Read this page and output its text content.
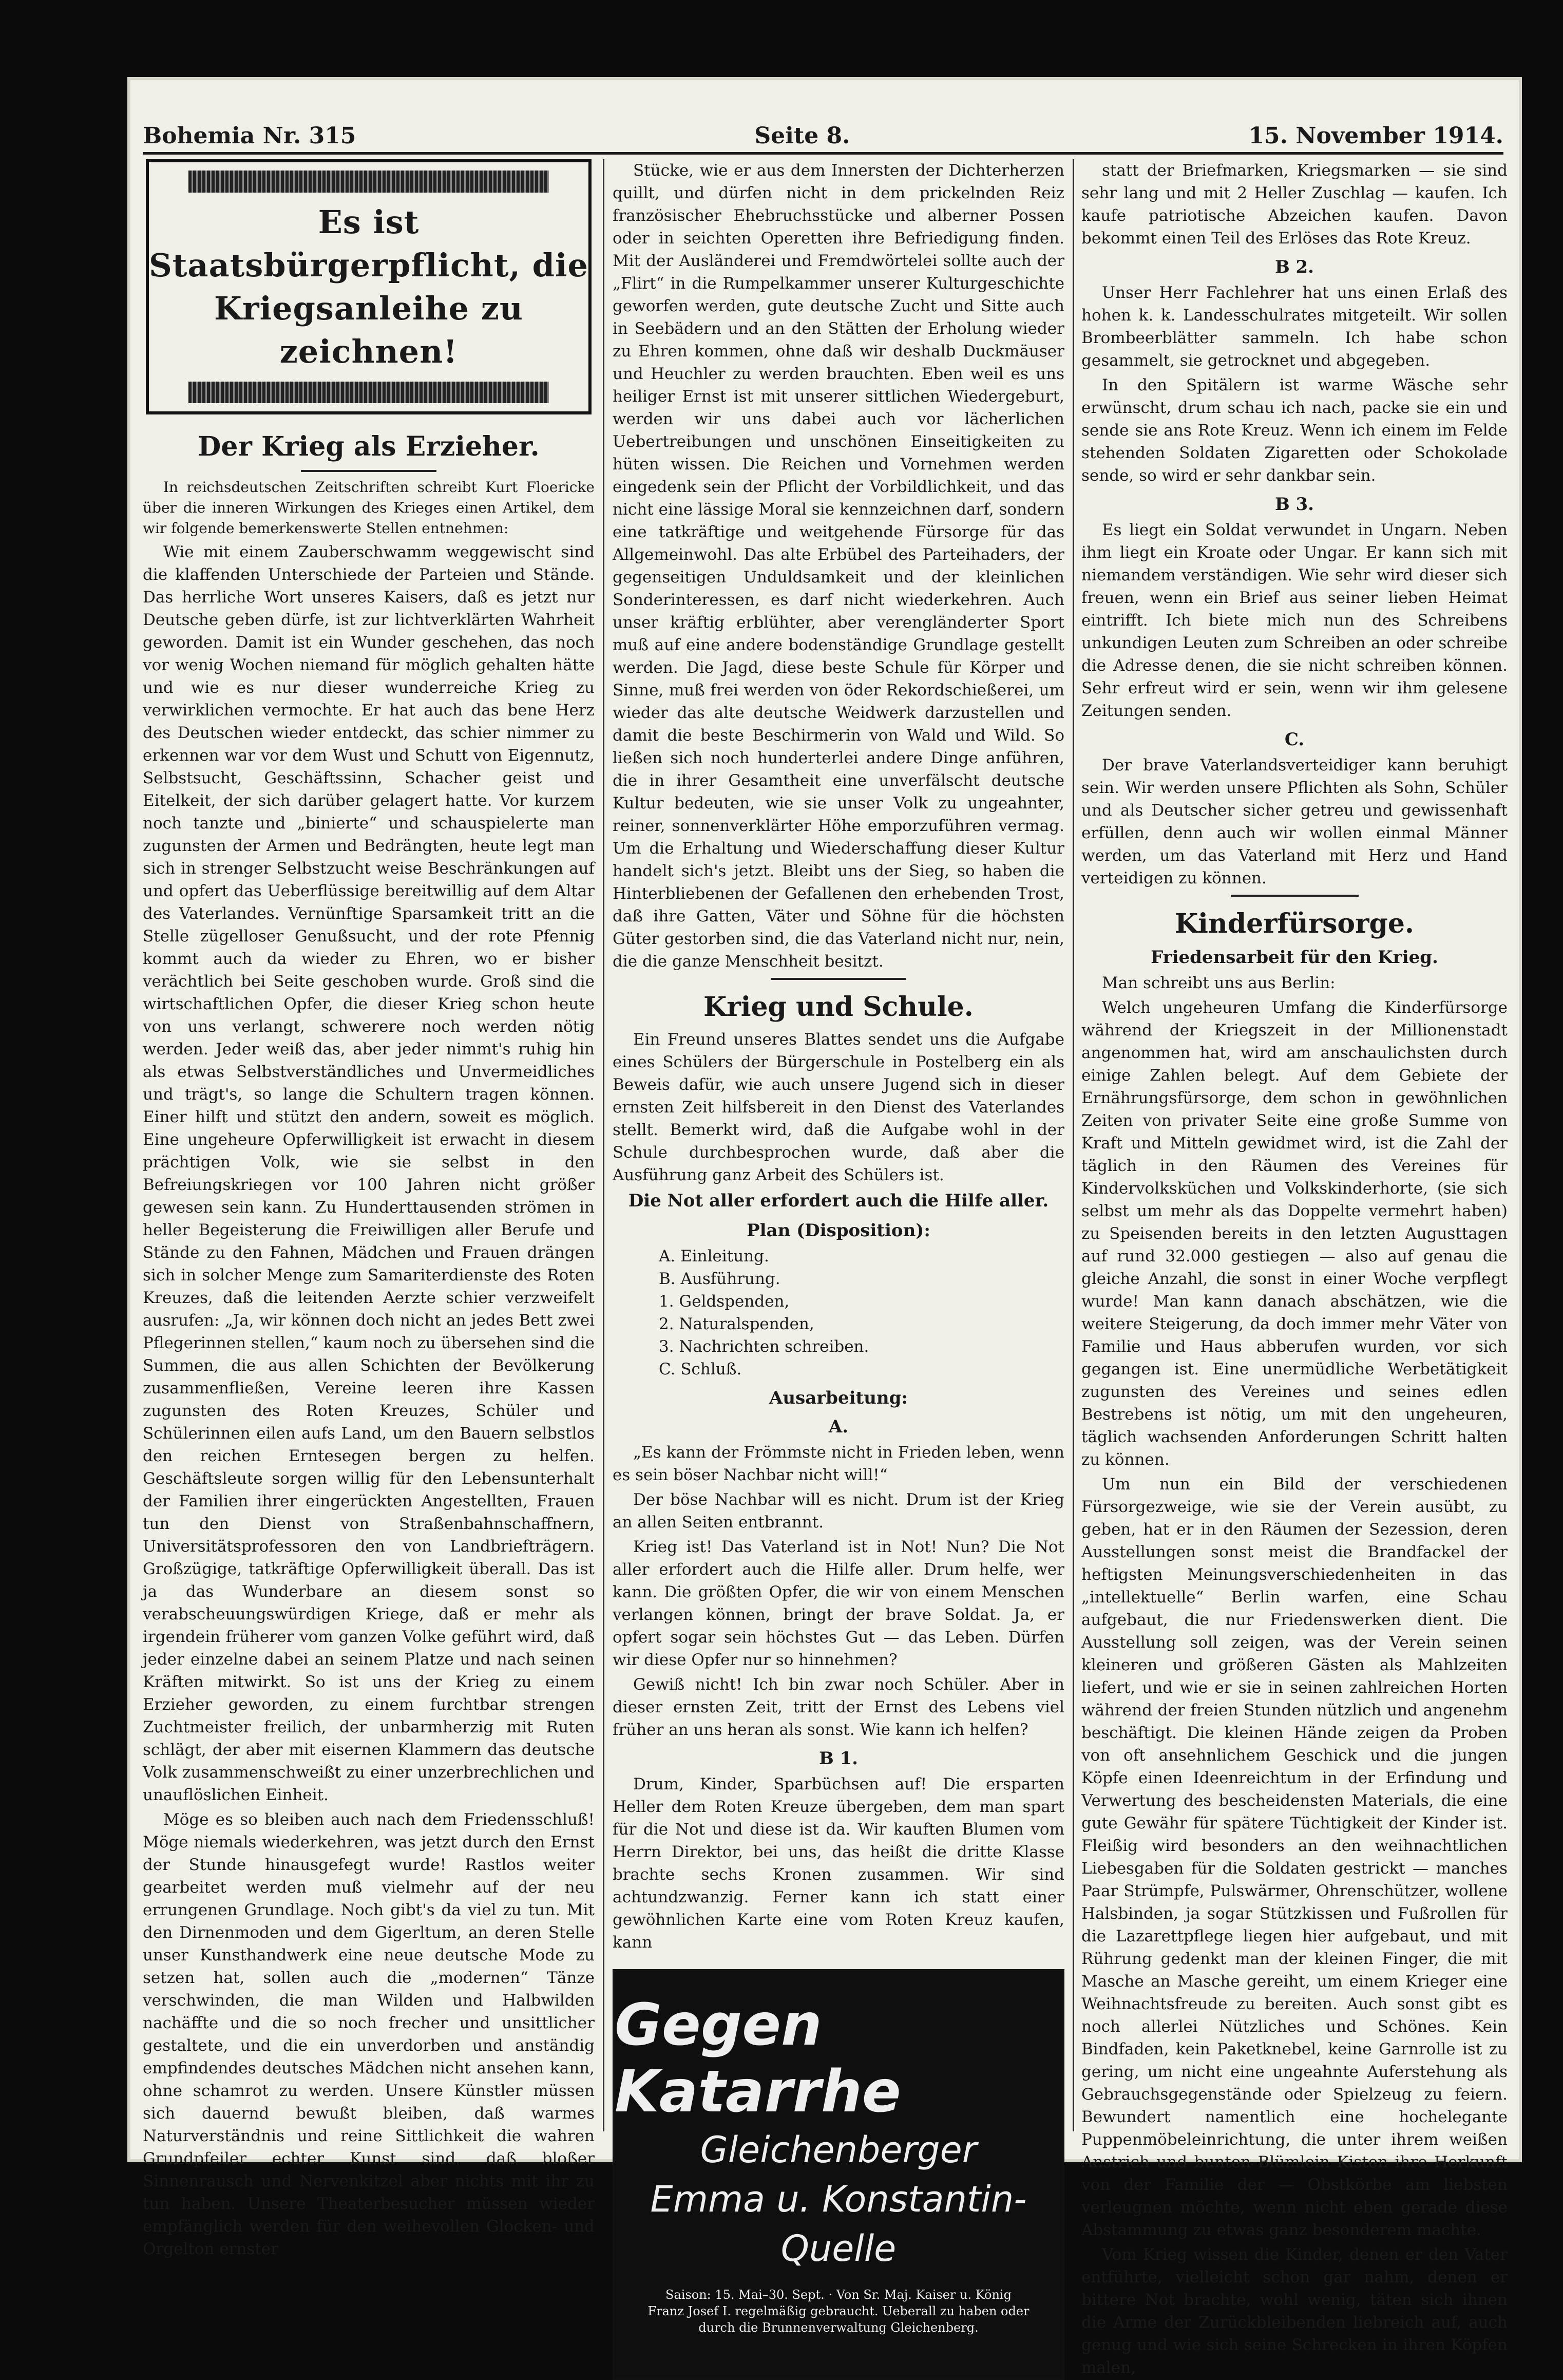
Bohemia Nr. 315	Seite 8.	15. November 1914.
Es ist Staatsbürgerpflicht, die Kriegsanleihe zu zeichnen!
Der Krieg als Erzieher.

In reichsdeutschen Zeitschriften schreibt Kurt Floericke über die inneren Wirkungen des Krieges einen Artikel, dem wir folgende bemerkenswerte Stellen entnehmen:

Wie mit einem Zauberschwamm weggewischt sind die klaffenden Unterschiede der Parteien und Stände. Das herrliche Wort unseres Kaisers, daß es jetzt nur Deutsche geben dürfe, ist zur lichtverklärten Wahrheit geworden. Damit ist ein Wunder geschehen, das noch vor wenig Wochen niemand für möglich gehalten hätte und wie es nur dieser wunderreiche Krieg zu verwirklichen vermochte. Er hat auch das bene Herz des Deutschen wieder entdeckt, das schier nimmer zu erkennen war vor dem Wust und Schutt von Eigennutz, Selbstsucht, Geschäftssinn, Schacher geist und Eitelkeit, der sich darüber gelagert hatte. Vor kurzem noch tanzte und „binierte“ und schauspielerte man zugunsten der Armen und Bedrängten, heute legt man sich in strenger Selbstzucht weise Beschränkungen auf und opfert das Ueberflüssige bereitwillig auf dem Altar des Vaterlandes. Vernünftige Sparsamkeit tritt an die Stelle zügelloser Genußsucht, und der rote Pfennig kommt auch da wieder zu Ehren, wo er bisher verächtlich bei Seite geschoben wurde. Groß sind die wirtschaftlichen Opfer, die dieser Krieg schon heute von uns verlangt, schwerere noch werden nötig werden. Jeder weiß das, aber jeder nimmt's ruhig hin als etwas Selbstverständliches und Unvermeidliches und trägt's, so lange die Schultern tragen können. Einer hilft und stützt den andern, soweit es möglich. Eine ungeheure Opferwilligkeit ist erwacht in diesem prächtigen Volk, wie sie selbst in den Befreiungskriegen vor 100 Jahren nicht größer gewesen sein kann. Zu Hunderttausenden strömen in heller Begeisterung die Freiwilligen aller Berufe und Stände zu den Fahnen, Mädchen und Frauen drängen sich in solcher Menge zum Samariterdienste des Roten Kreuzes, daß die leitenden Aerzte schier verzweifelt ausrufen: „Ja, wir können doch nicht an jedes Bett zwei Pflegerinnen stellen,“ kaum noch zu übersehen sind die Summen, die aus allen Schichten der Bevölkerung zusammenfließen, Vereine leeren ihre Kassen zugunsten des Roten Kreuzes, Schüler und Schülerinnen eilen aufs Land, um den Bauern selbstlos den reichen Erntesegen bergen zu helfen. Geschäftsleute sorgen willig für den Lebensunterhalt der Familien ihrer eingerückten Angestellten, Frauen tun den Dienst von Straßenbahnschaffnern, Universitätsprofessoren den von Landbriefträgern. Großzügige, tatkräftige Opferwilligkeit überall. Das ist ja das Wunderbare an diesem sonst so verabscheuungswürdigen Kriege, daß er mehr als irgendein früherer vom ganzen Volke geführt wird, daß jeder einzelne dabei an seinem Platze und nach seinen Kräften mitwirkt. So ist uns der Krieg zu einem Erzieher geworden, zu einem furchtbar strengen Zuchtmeister freilich, der unbarmherzig mit Ruten schlägt, der aber mit eisernen Klammern das deutsche Volk zusammenschweißt zu einer unzerbrechlichen und unauflöslichen Einheit.

Möge es so bleiben auch nach dem Friedensschluß! Möge niemals wiederkehren, was jetzt durch den Ernst der Stunde hinausgefegt wurde! Rastlos weiter gearbeitet werden muß vielmehr auf der neu errungenen Grundlage. Noch gibt's da viel zu tun. Mit den Dirnenmoden und dem Gigerltum, an deren Stelle unser Kunsthandwerk eine neue deutsche Mode zu setzen hat, sollen auch die „modernen“ Tänze verschwinden, die man Wilden und Halbwilden nachäffte und die so noch frecher und unsittlicher gestaltete, und die ein unverdorben und anständig empfindendes deutsches Mädchen nicht ansehen kann, ohne schamrot zu werden. Unsere Künstler müssen sich dauernd bewußt bleiben, daß warmes Naturverständnis und reine Sittlichkeit die wahren Grundpfeiler echter Kunst sind, daß bloßer Sinnenrausch und Nervenkitzel aber nichts mit ihr zu tun haben. Unsere Theaterbesucher müssen wieder empfänglich werden für den weihevollen Glocken- und Orgelton ernster

Stücke, wie er aus dem Innersten der Dichterherzen quillt, und dürfen nicht in dem prickelnden Reiz französischer Ehebruchsstücke und alberner Possen oder in seichten Operetten ihre Befriedigung finden. Mit der Ausländerei und Fremdwörtelei sollte auch der „Flirt“ in die Rumpelkammer unserer Kulturgeschichte geworfen werden, gute deutsche Zucht und Sitte auch in Seebädern und an den Stätten der Erholung wieder zu Ehren kommen, ohne daß wir deshalb Duckmäuser und Heuchler zu werden brauchten. Eben weil es uns heiliger Ernst ist mit unserer sittlichen Wiedergeburt, werden wir uns dabei auch vor lächerlichen Uebertreibungen und unschönen Einseitigkeiten zu hüten wissen. Die Reichen und Vornehmen werden eingedenk sein der Pflicht der Vorbildlichkeit, und das nicht eine lässige Moral sie kennzeichnen darf, sondern eine tatkräftige und weitgehende Fürsorge für das Allgemeinwohl. Das alte Erbübel des Parteihaders, der gegenseitigen Unduldsamkeit und der kleinlichen Sonderinteressen, es darf nicht wiederkehren. Auch unser kräftig erblühter, aber verengländerter Sport muß auf eine andere bodenständige Grundlage gestellt werden. Die Jagd, diese beste Schule für Körper und Sinne, muß frei werden von öder Rekordschießerei, um wieder das alte deutsche Weidwerk darzustellen und damit die beste Beschirmerin von Wald und Wild. So ließen sich noch hunderterlei andere Dinge anführen, die in ihrer Gesamtheit eine unverfälscht deutsche Kultur bedeuten, wie sie unser Volk zu ungeahnter, reiner, sonnenverklärter Höhe emporzuführen vermag. Um die Erhaltung und Wiederschaffung dieser Kultur handelt sich's jetzt. Bleibt uns der Sieg, so haben die Hinterbliebenen der Gefallenen den erhebenden Trost, daß ihre Gatten, Väter und Söhne für die höchsten Güter gestorben sind, die das Vaterland nicht nur, nein, die die ganze Menschheit besitzt.

Krieg und Schule.

Ein Freund unseres Blattes sendet uns die Aufgabe eines Schülers der Bürgerschule in Postelberg ein als Beweis dafür, wie auch unsere Jugend sich in dieser ernsten Zeit hilfsbereit in den Dienst des Vaterlandes stellt. Bemerkt wird, daß die Aufgabe wohl in der Schule durchbesprochen wurde, daß aber die Ausführung ganz Arbeit des Schülers ist.

Die Not aller erfordert auch die Hilfe aller.
Plan (Disposition):
A. Einleitung.
B. Ausführung.
1. Geldspenden,
2. Naturalspenden,
3. Nachrichten schreiben.
C. Schluß.
Ausarbeitung:
A.

„Es kann der Frömmste nicht in Frieden leben, wenn es sein böser Nachbar nicht will!“

Der böse Nachbar will es nicht. Drum ist der Krieg an allen Seiten entbrannt.

Krieg ist! Das Vaterland ist in Not! Nun? Die Not aller erfordert auch die Hilfe aller. Drum helfe, wer kann. Die größten Opfer, die wir von einem Menschen verlangen können, bringt der brave Soldat. Ja, er opfert sogar sein höchstes Gut — das Leben. Dürfen wir diese Opfer nur so hinnehmen?

Gewiß nicht! Ich bin zwar noch Schüler. Aber in dieser ernsten Zeit, tritt der Ernst des Lebens viel früher an uns heran als sonst. Wie kann ich helfen?

B 1.

Drum, Kinder, Sparbüchsen auf! Die ersparten Heller dem Roten Kreuze übergeben, dem man spart für die Not und diese ist da. Wir kauften Blumen vom Herrn Direktor, bei uns, das heißt die dritte Klasse brachte sechs Kronen zusammen. Wir sind achtundzwanzig. Ferner kann ich statt einer gewöhnlichen Karte eine vom Roten Kreuz kaufen, kann

Gegen Katarrhe
Gleichenberger
Emma u. Konstantin-
Quelle
Saison: 15. Mai–30. Sept. · Von Sr. Maj. Kaiser u. König Franz Josef I. regelmäßig gebraucht. Ueberall zu haben oder durch die Brunnenverwaltung Gleichenberg.

statt der Briefmarken, Kriegsmarken — sie sind sehr lang und mit 2 Heller Zuschlag — kaufen. Ich kaufe patriotische Abzeichen kaufen. Davon bekommt einen Teil des Erlöses das Rote Kreuz.

B 2.

Unser Herr Fachlehrer hat uns einen Erlaß des hohen k. k. Landesschulrates mitgeteilt. Wir sollen Brombeerblätter sammeln. Ich habe schon gesammelt, sie getrocknet und abgegeben.

In den Spitälern ist warme Wäsche sehr erwünscht, drum schau ich nach, packe sie ein und sende sie ans Rote Kreuz. Wenn ich einem im Felde stehenden Soldaten Zigaretten oder Schokolade sende, so wird er sehr dankbar sein.

B 3.

Es liegt ein Soldat verwundet in Ungarn. Neben ihm liegt ein Kroate oder Ungar. Er kann sich mit niemandem verständigen. Wie sehr wird dieser sich freuen, wenn ein Brief aus seiner lieben Heimat eintrifft. Ich biete mich nun des Schreibens unkundigen Leuten zum Schreiben an oder schreibe die Adresse denen, die sie nicht schreiben können. Sehr erfreut wird er sein, wenn wir ihm gelesene Zeitungen senden.

C.

Der brave Vaterlandsverteidiger kann beruhigt sein. Wir werden unsere Pflichten als Sohn, Schüler und als Deutscher sicher getreu und gewissenhaft erfüllen, denn auch wir wollen einmal Männer werden, um das Vaterland mit Herz und Hand verteidigen zu können.

Kinderfürsorge.
Friedensarbeit für den Krieg.

Man schreibt uns aus Berlin:

Welch ungeheuren Umfang die Kinderfürsorge während der Kriegszeit in der Millionenstadt angenommen hat, wird am anschaulichsten durch einige Zahlen belegt. Auf dem Gebiete der Ernährungsfürsorge, dem schon in gewöhnlichen Zeiten von privater Seite eine große Summe von Kraft und Mitteln gewidmet wird, ist die Zahl der täglich in den Räumen des Vereines für Kindervolksküchen und Volkskinderhorte, (sie sich selbst um mehr als das Doppelte vermehrt haben) zu Speisenden bereits in den letzten Augusttagen auf rund 32.000 gestiegen — also auf genau die gleiche Anzahl, die sonst in einer Woche verpflegt wurde! Man kann danach abschätzen, wie die weitere Steigerung, da doch immer mehr Väter von Familie und Haus abberufen wurden, vor sich gegangen ist. Eine unermüdliche Werbetätigkeit zugunsten des Vereines und seines edlen Bestrebens ist nötig, um mit den ungeheuren, täglich wachsenden Anforderungen Schritt halten zu können.

Um nun ein Bild der verschiedenen Fürsorgezweige, wie sie der Verein ausübt, zu geben, hat er in den Räumen der Sezession, deren Ausstellungen sonst meist die Brandfackel der heftigsten Meinungsverschiedenheiten in das „intellektuelle“ Berlin warfen, eine Schau aufgebaut, die nur Friedenswerken dient. Die Ausstellung soll zeigen, was der Verein seinen kleineren und größeren Gästen als Mahlzeiten liefert, und wie er sie in seinen zahlreichen Horten während der freien Stunden nützlich und angenehm beschäftigt. Die kleinen Hände zeigen da Proben von oft ansehnlichem Geschick und die jungen Köpfe einen Ideenreichtum in der Erfindung und Verwertung des bescheidensten Materials, die eine gute Gewähr für spätere Tüchtigkeit der Kinder ist. Fleißig wird besonders an den weihnachtlichen Liebesgaben für die Soldaten gestrickt — manches Paar Strümpfe, Pulswärmer, Ohrenschützer, wollene Halsbinden, ja sogar Stützkissen und Fußrollen für die Lazarettpflege liegen hier aufgebaut, und mit Rührung gedenkt man der kleinen Finger, die mit Masche an Masche gereiht, um einem Krieger eine Weihnachtsfreude zu bereiten. Auch sonst gibt es noch allerlei Nützliches und Schönes. Kein Bindfaden, kein Paketknebel, keine Garnrolle ist zu gering, um nicht eine ungeahnte Auferstehung als Gebrauchsgegenstände oder Spielzeug zu feiern. Bewundert namentlich eine hochelegante Puppenmöbeleinrichtung, die unter ihrem weißen Anstrich und bunten Blümlein Kisten ihre Herkunft von der Familie der — Obstkörbe am liebsten verleugnen möchte, wenn nicht eben gerade diese Abstammung zu etwas ganz besonderem machte.

Vom Krieg wissen die Kinder, denen er den Vater entführte, vielleicht schon gar nahm, denen er bittere Not brachte, wohl wenig, täten sich ihnen die Arme der Zurückbleibenden liebreich auf, auch genug und wie sich seine Schrecken in ihren Köpfen malen,
